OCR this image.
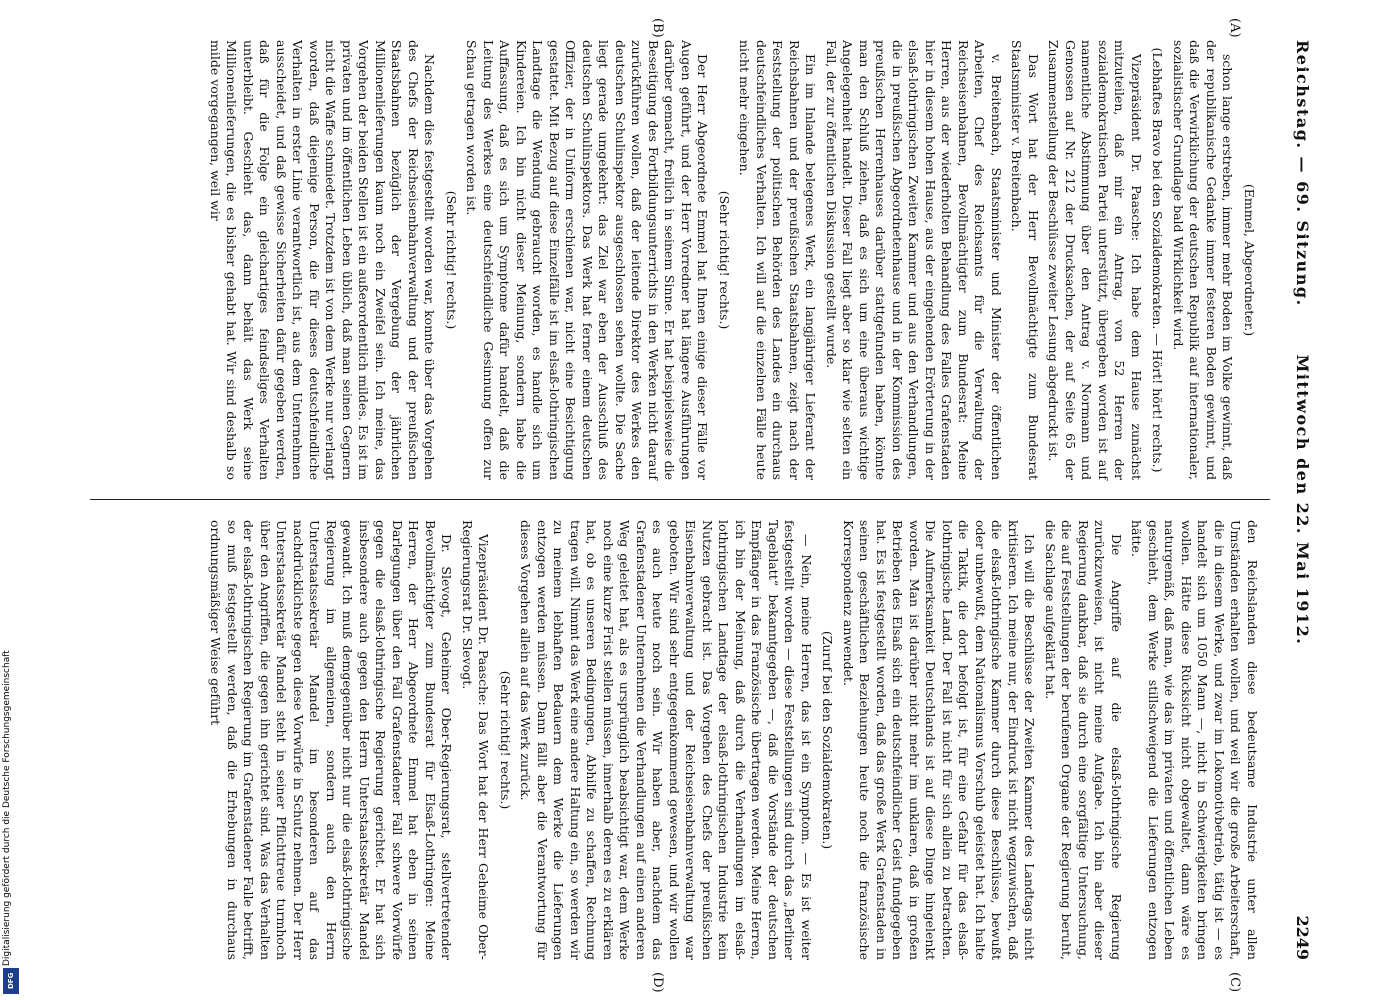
Digitalisierung gefördert durch die Deutsche Forschungsgemeinschaft
DFG
Reichstag. — 69. Sitzung.
Mittwoch den 22. Mai 1912.
2249
(A)
(B)
(C)
(D)

(Emmel, Abgeordneter.)

schon lange erstreben, immer mehr Boden im Volke gewinnt, daß der republikanische Gedanke immer festeren Boden gewinnt, und daß die Verwirklichung der deutschen Republik auf internationaler, sozialistischer Grundlage bald Wirklichkeit wird.

(Lebhaftes Bravo bei den Sozialdemokraten. — Hört! hört! rechts.)

Vizepräsident Dr. Paasche: Ich habe dem Hause zunächst mitzuteilen, daß mir ein Antrag, von 52 Herren der sozialdemokratischen Partei unterstützt, übergeben worden ist auf namentliche Abstimmung über den Antrag v. Normann und Genossen auf Nr. 212 der Drucksachen, der auf Seite 65 der Zusammenstellung der Beschlüsse zweiter Lesung abgedruckt ist.

Das Wort hat der Herr Bevollmächtigte zum Bundesrat Staatsminister v. Breitenbach.

v. Breitenbach, Staatsminister und Minister der öffentlichen Arbeiten, Chef des Reichsamts für die Verwaltung der Reichseisenbahnen, Bevollmächtigter zum Bundesrat: Meine Herren, aus der wiederholten Behandlung des Falles Grafenstaden hier in diesem hohen Hause, aus der eingehenden Erörterung in der elsaß-lothringischen Zweiten Kammer und aus den Verhandlungen, die in preußischen Abgeordnetenhause und in der Kommission des preußischen Herrenhauses darüber stattgefunden haben, könnte man den Schluß ziehen, daß es sich um eine überaus wichtige Angelegenheit handelt. Dieser Fall liegt aber so klar wie selten ein Fall, der zur öffentlichen Diskussion gestellt wurde.

Ein im Inlande belegenes Werk, ein langjähriger Lieferant der Reichsbahnen und der preußischen Staatsbahnen, zeigt nach der Feststellung der politischen Behörden des Landes ein durchaus deutschfeindliches Verhalten. Ich will auf die einzelnen Fälle heute nicht mehr eingehen.

(Sehr richtig! rechts.)

Der Herr Abgeordnete Emmel hat Ihnen einige dieser Fälle vor Augen geführt, und der Herr Vorredner hat längere Ausführungen darüber gemacht, freilich in seinem Sinne. Er hat beispielsweise die Beseitigung des Fortbildungsunterrichts in den Werken nicht darauf zurückführen wollen, daß der leitende Direktor des Werkes den deutschen Schulinspektor ausgeschlossen sehen wollte. Die Sache liegt gerade umgekehrt: das Ziel war eben der Ausschluß des deutschen Schulinspektors. Das Werk hat ferner einem deutschen Offizier, der in Uniform erschienen war, nicht eine Besichtigung gestattet. Mit Bezug auf diese Einzelfälle ist im elsaß-lothringischen Landtage die Wendung gebraucht worden, es handle sich um Kindereien. Ich bin nicht dieser Meinung, sondern habe die Auffassung, daß es sich um Symptome dafür handelt, daß die Leitung des Werkes eine deutschfeindliche Gesinnung offen zur Schau getragen worden ist.

(Sehr richtig! rechts.)

Nachdem dies festgestellt worden war, konnte über das Vorgehen des Chefs der Reichseisenbahnverwaltung und der preußischen Staatsbahnen bezüglich der Vergebung der jährlichen Millionenlieferungen kaum noch ein Zweifel sein. Ich meine, das Vorgehen der beiden Stellen ist ein außerordentlich mildes. Es ist im privaten und im öffentlichen Leben üblich, daß man seinen Gegnern nicht die Waffe schmiedet. Trotzdem ist von dem Werke nur verlangt worden, daß diejenige Person, die für dieses deutschfeindliche Verhalten in erster Linie verantwortlich ist, aus dem Unternehmen ausscheidet, und daß gewisse Sicherheiten dafür gegeben werden, daß für die Folge ein gleichartiges feindseliges Verhalten unterbleibt. Geschieht das, dann behält das Werk seine Millionenlieferungen, die es bisher gehabt hat. Wir sind deshalb so milde vorgegangen, weil wir

den Reichslanden diese bedeutsame Industrie unter allen Umständen erhalten wollen, und weil wir die große Arbeiterschaft, die in diesem Werke, und zwar im Lokomotivbetrieb, tätig ist — es handelt sich um 1050 Mann —, nicht in Schwierigkeiten bringen wollen. Hätte diese Rücksicht nicht obgewaltet, dann wäre es naturgemäß, daß man, wie das im privaten und öffentlichen Leben geschieht, dem Werke stillschweigend die Lieferungen entzogen hätte.

Die Angriffe auf die elsaß-lothringische Regierung zurückzuweisen, ist nicht meine Aufgabe. Ich bin aber dieser Regierung dankbar, daß sie durch eine sorgfältige Untersuchung, die auf Feststellungen der berufenen Organe der Regierung beruht, die Sachlage aufgeklärt hat.

Ich will die Beschlüsse der Zweiten Kammer des Landtags nicht kritisieren. Ich meine nur, der Eindruck ist nicht wegzuwischen, daß die elsaß-lothringische Kammer durch diese Beschlüsse, bewußt oder unbewußt, dem Nationalismus Vorschub geleistet hat. Ich halte die Taktik, die dort befolgt ist, für eine Gefahr für das elsaß-lothringische Land. Der Fall ist nicht für sich allein zu betrachten. Die Aufmerksamkeit Deutschlands ist auf diese Dinge hingelenkt worden. Man ist darüber nicht mehr im unklaren, daß in großen Betrieben des Elsaß sich ein deutschfeindlicher Geist fundgegeben hat. Es ist festgestellt worden, daß das große Werk Grafenstaden in seinen geschäftlichen Beziehungen heute noch die französische Korrespondenz anwendet.

(Zuruf bei den Sozialdemokraten.)

— Nein, meine Herren, das ist ein Symptom. — Es ist weiter festgestellt worden — diese Feststellungen sind durch das „Berliner Tageblatt“ bekanntgegeben —, daß die Vorstände der deutschen Empfänger in das Französische übertragen werden. Meine Herren, ich bin der Meinung, daß durch die Verhandlungen im elsaß-lothringischen Landtage der elsaß-lothringischen Industrie kein Nutzen gebracht ist. Das Vorgehen des Chefs der preußischen Eisenbahnverwaltung und der Reichseisenbahnverwaltung war geboten. Wir sind sehr entgegenkommend gewesen, und wir wollen es auch heute noch sein. Wir haben aber, nachdem das Grafenstadener Unternehmen die Verhandlungen auf einen anderen Weg geleitet hat, als es ursprünglich beabsichtigt war, dem Werke noch eine kurze Frist stellen müssen, innerhalb deren es zu erklären hat, ob es unseren Bedingungen, Abhilfe zu schaffen, Rechnung tragen will. Nimmt das Werk eine andere Haltung ein, so werden wir zu meinem lebhaften Bedauern dem Werke die Lieferungen entzogen werden müssen. Dann fällt aber die Verantwortung für dieses Vorgehen allein auf das Werk zurück.

(Sehr richtig! rechts.)

Vizepräsident Dr. Paasche: Das Wort hat der Herr Geheime Ober-Regierungsrat Dr. Slevogt.

Dr. Slevogt, Geheimer Ober-Regierungsrat, stellvertretender Bevollmächtigter zum Bundesrat für Elsaß-Lothringen: Meine Herren, der Herr Abgeordnete Emmel hat eben in seinen Darlegungen über den Fall Grafenstadener Fall schwere Vorwürfe gegen die elsaß-lothringische Regierung gerichtet. Er hat sich insbesondere auch gegen den Herrn Unterstaatssekretär Mandel gewandt. Ich muß demgegenüber nicht nur die elsaß-lothringische Regierung im allgemeinen, sondern auch den Herrn Unterstaatssekretär Mandel im besonderen auf das nachdrücklichste gegen diese Vorwürfe in Schutz nehmen. Der Herr Unterstaatssekretär Mandel steht in seiner Pflichttreue turmhoch über den Angriffen, die gegen ihn gerichtet sind. Was das Verhalten der elsaß-lothringischen Regierung im Grafenstadener Falle betrifft, so muß festgestellt werden, daß die Erhebungen in durchaus ordnungsmäßiger Weise geführt
